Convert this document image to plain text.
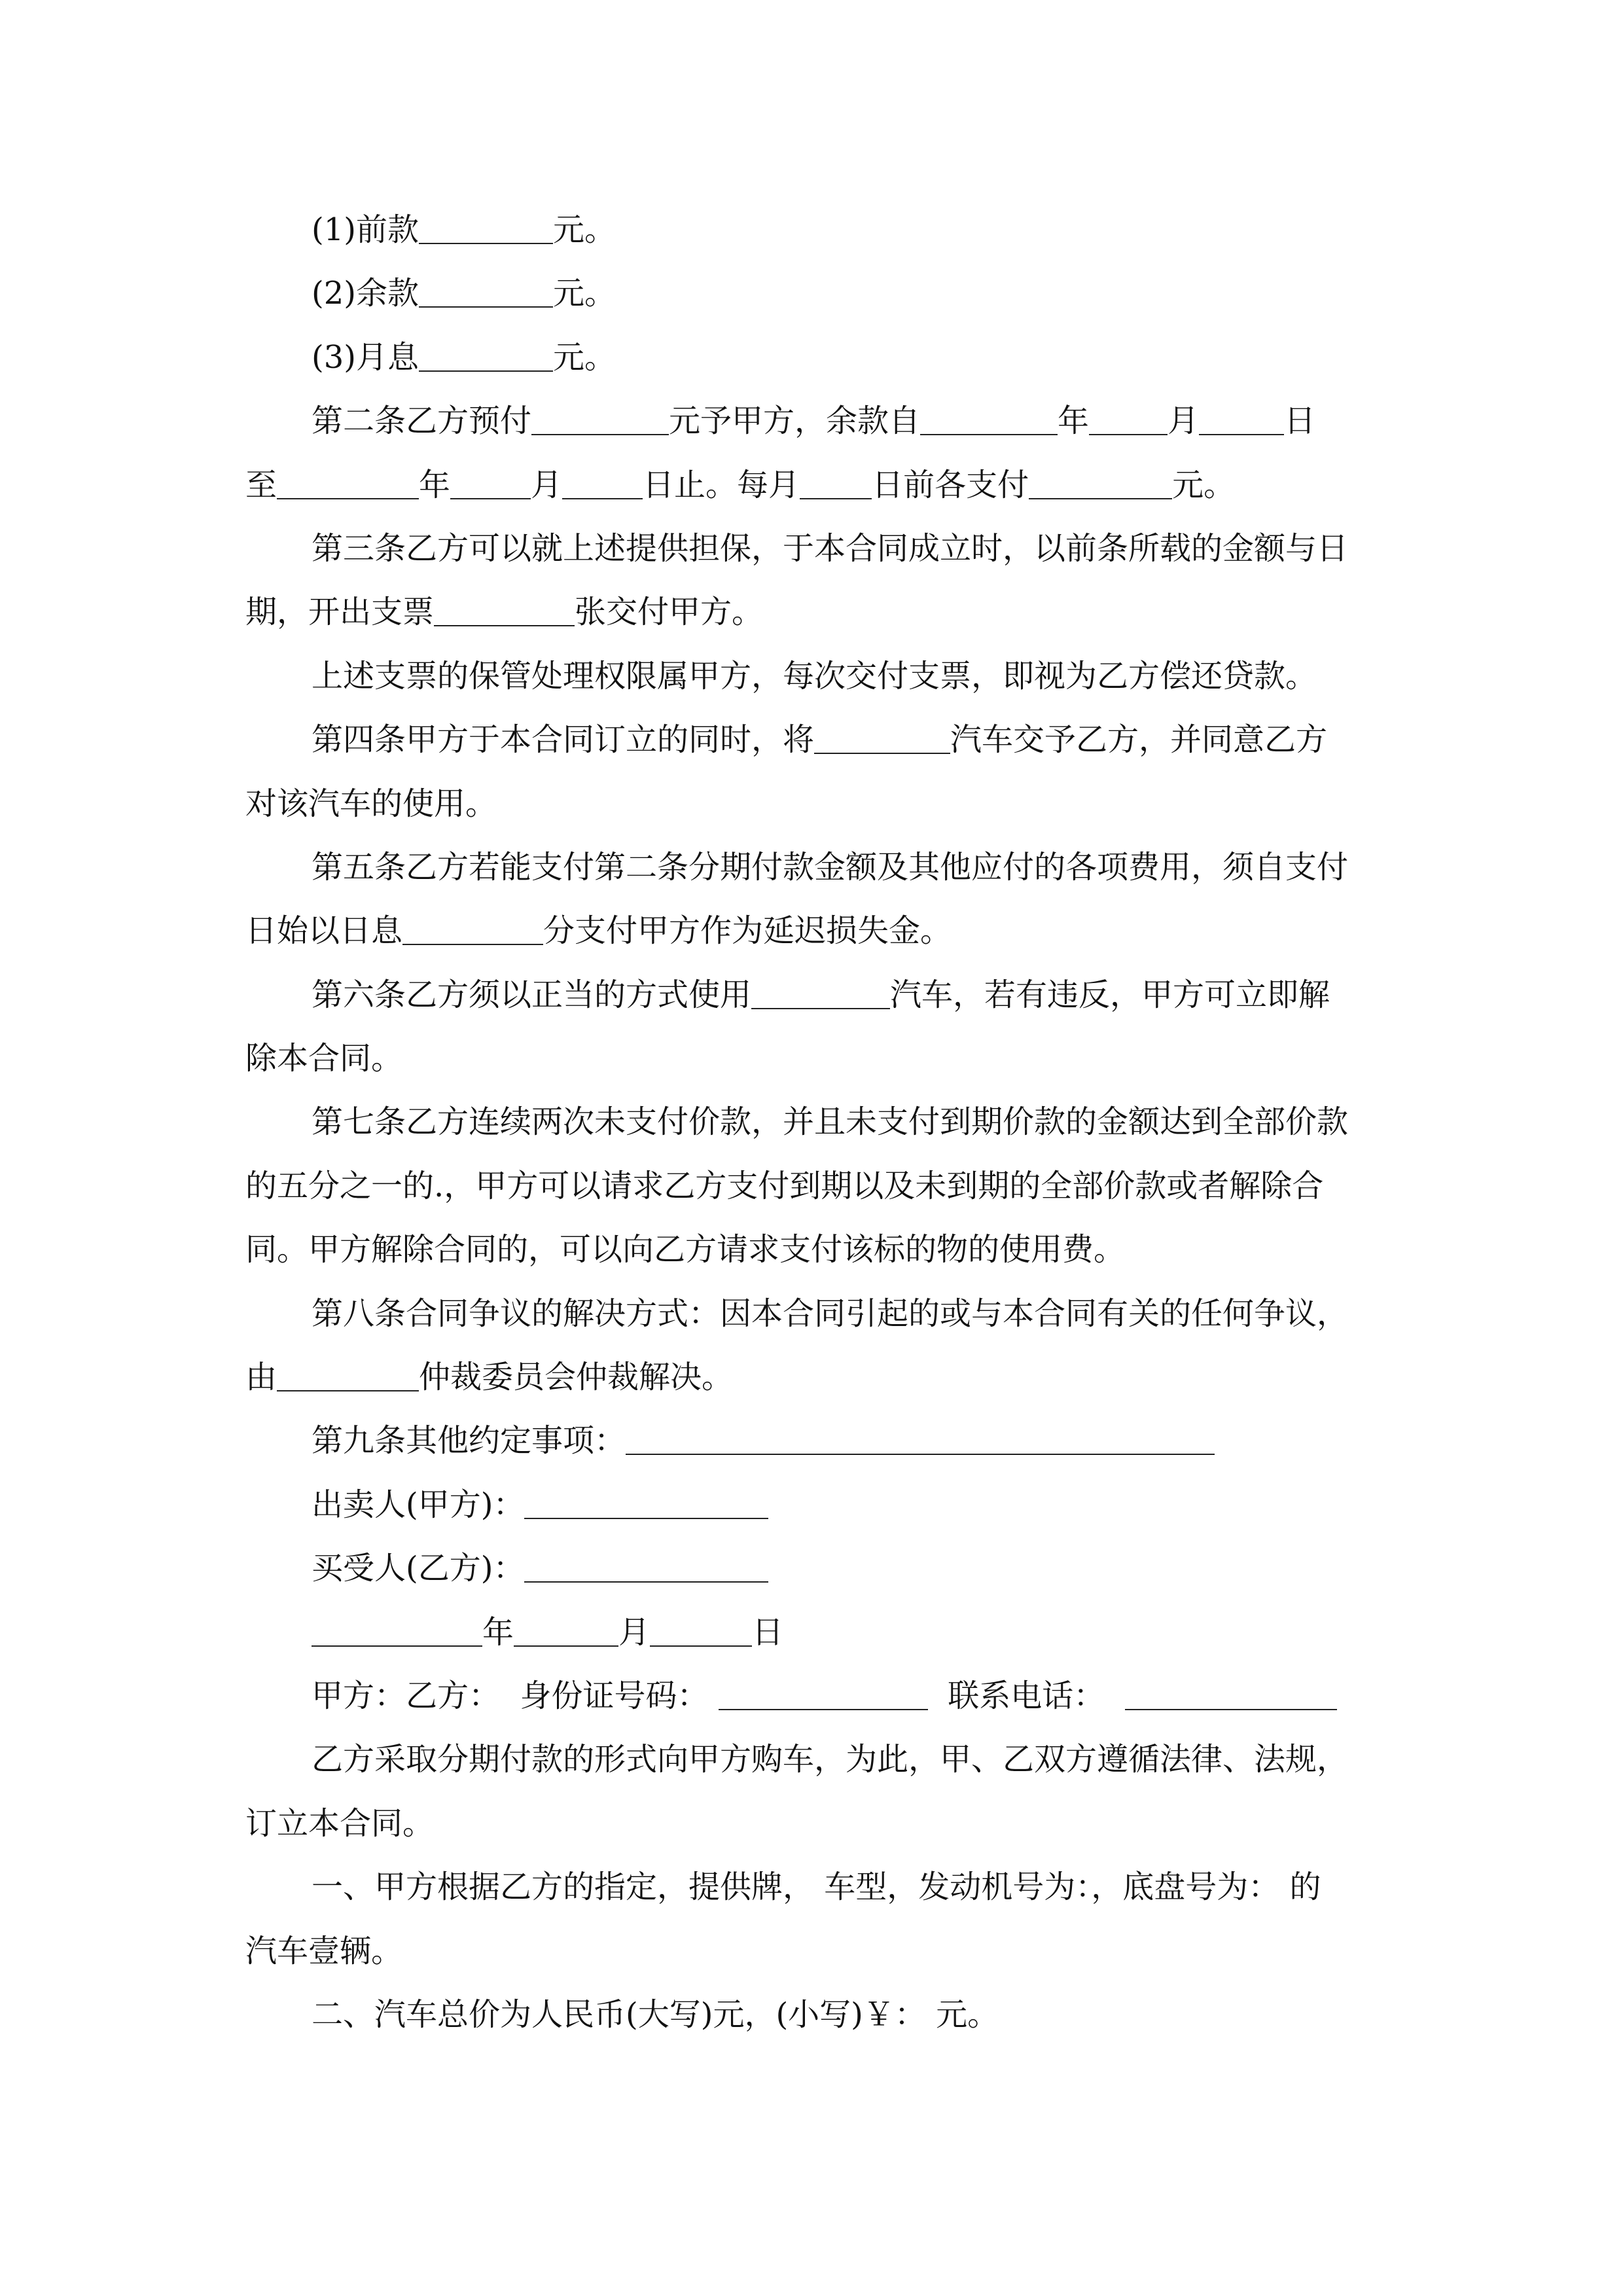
(1)前款	元。
(2)余款	元。
(3)月息	元。
第二条乙方预付	元予甲方，余款自	年	月	日
至	年	月	日止。每月 日前各支付	元。
第三条乙方可以就上述提供担保，于本合同成立时，以前条所载的金额与日
期，开出支票	张交付甲方。
上述支票的保管处理权限属甲方，每次交付支票，即视为乙方偿还贷款。
第四条甲方于本合同订立的同时，将	汽车交予乙方，并同意乙方
对该汽车的使用。
第五条乙方若能支付第二条分期付款金额及其他应付的各项费用，须自支付
日始以日息	分支付甲方作为延迟损失金。
第六条乙方须以正当的方式使用	汽车，若有违反，甲方可立即解
除本合同。
第七条乙方连续两次未支付价款，并且未支付到期价款的金额达到全部价款
的五分之一的.，甲方可以请求乙方支付到期以及未到期的全部价款或者解除合
同。甲方解除合同的，可以向乙方请求支付该标的物的使用费。
第八条合同争议的解决方式：因本合同引起的或与本合同有关的任何争议，
由	仲裁委员会仲裁解决。
第九条其他约定事项：
出卖人(甲方)：
买受人(乙方)：
年	月	日
甲方：乙方：  身份证号码：	联系电话：
乙方采取分期付款的形式向甲方购车，为此，甲、乙双方遵循法律、法规，
订立本合同。
一、甲方根据乙方的指定，提供牌， 车型，发动机号为：，底盘号为： 的
汽车壹辆。
二、汽车总价为人民币(大写)元，(小写)￥： 元。
